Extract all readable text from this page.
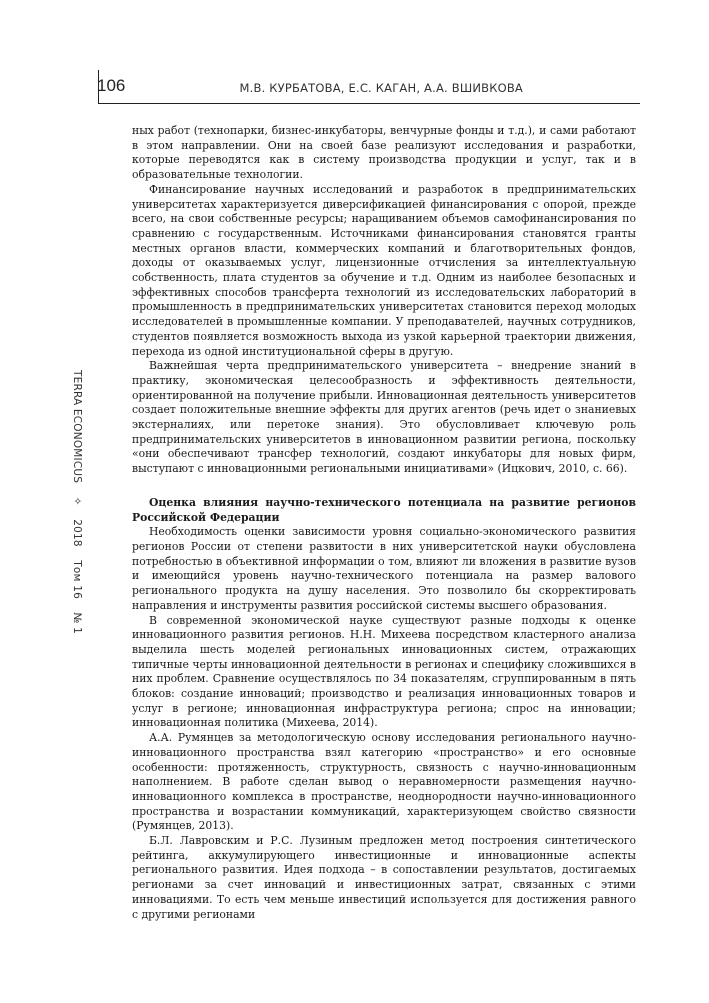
106	М.В. КУРБАТОВА, Е.С. КАГАН, А.А. ВШИВКОВА
TERRA ECONOMICUS ✧ 2018 Том 16 № 1

ных работ (технопарки, бизнес-инкубаторы, венчурные фонды и т.д.), и сами работают в этом направлении. Они на своей базе реализуют исследования и разработки, которые переводятся как в систему производства продукции и услуг, так и в образовательные технологии.

Финансирование научных исследований и разработок в предпринимательских университетах характеризуется диверсификацией финансирования с опорой, прежде всего, на свои собственные ресурсы; наращиванием объемов самофинансирования по сравнению с государственным. Источниками финансирования становятся гранты местных органов власти, коммерческих компаний и благотворительных фондов, доходы от оказываемых услуг, лицензионные отчисления за интеллектуальную собственность, плата студентов за обучение и т.д. Одним из наиболее безопасных и эффективных способов трансферта технологий из исследовательских лабораторий в промышленность в предпринимательских университетах становится переход молодых исследователей в промышленные компании. У преподавателей, научных сотрудников, студентов появляется возможность выхода из узкой карьерной траектории движения, перехода из одной институциональной сферы в другую.

Важнейшая черта предпринимательского университета – внедрение знаний в практику, экономическая целесообразность и эффективность деятельности, ориентированной на получение прибыли. Инновационная деятельность университетов создает положительные внешние эффекты для других агентов (речь идет о знаниевых экстерналиях, или перетоке знания). Это обусловливает ключевую роль предпринимательских университетов в инновационном развитии региона, поскольку «они обеспечивают трансфер технологий, создают инкубаторы для новых фирм, выступают с инновационными региональными инициативами» (Ицкович, 2010, с. 66).

Оценка влияния научно-технического потенциала на развитие регионов Российской Федерации

Необходимость оценки зависимости уровня социально-экономического развития регионов России от степени развитости в них университетской науки обусловлена потребностью в объективной информации о том, влияют ли вложения в развитие вузов и имеющийся уровень научно-технического потенциала на размер валового регионального продукта на душу населения. Это позволило бы скорректировать направления и инструменты развития российской системы высшего образования.

В современной экономической науке существуют разные подходы к оценке инновационного развития регионов. Н.Н. Михеева посредством кластерного анализа выделила шесть моделей региональных инновационных систем, отражающих типичные черты инновационной деятельности в регионах и специфику сложившихся в них проблем. Сравнение осуществлялось по 34 показателям, сгруппированным в пять блоков: создание инноваций; производство и реализация инновационных товаров и услуг в регионе; инновационная инфраструктура региона; спрос на инновации; инновационная политика (Михеева, 2014).

А.А. Румянцев за методологическую основу исследования регионального научно-инновационного пространства взял категорию «пространство» и его основные особенности: протяженность, структурность, связность с научно-инновационным наполнением. В работе сделан вывод о неравномерности размещения научно-инновационного комплекса в пространстве, неоднородности научно-инновационного пространства и возрастании коммуникаций, характеризующем свойство связности (Румянцев, 2013).

Б.Л. Лавровским и Р.С. Лузиным предложен метод построения синтетического рейтинга, аккумулирующего инвестиционные и инновационные аспекты регионального развития. Идея подхода – в сопоставлении результатов, достигаемых регионами за счет инноваций и инвестиционных затрат, связанных с этими инновациями. То есть чем меньше инвестиций используется для достижения равного с другими регионами
